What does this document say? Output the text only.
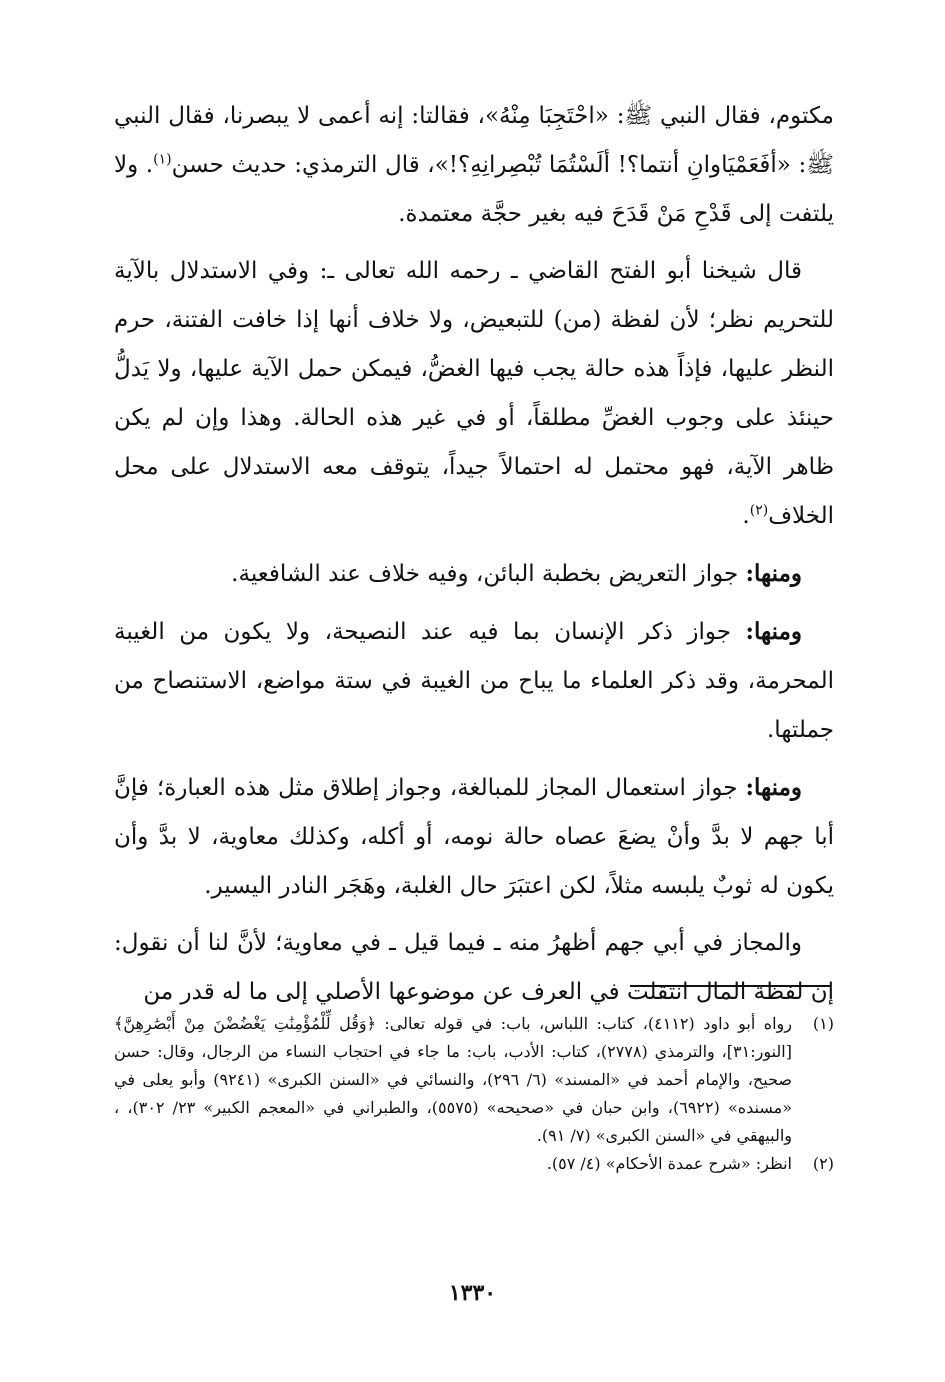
مكتوم، فقال النبي ﷺ: «احْتَجِبَا مِنْهُ»، فقالتا: إنه أعمى لا يبصرنا، فقال النبي ﷺ: «أفَعَمْيَاوانِ أنتما؟! ألَسْتُمَا تُبْصِرانِهِ؟!»، قال الترمذي: حديث حسن$^{(١)}$. ولا يلتفت إلى قَدْحِ مَنْ قَدَحَ فيه بغير حجَّة معتمدة.

قال شيخنا أبو الفتح القاضي ـ رحمه الله تعالى ـ: وفي الاستدلال بالآية للتحريم نظر؛ لأن لفظة (من) للتبعيض، ولا خلاف أنها إذا خافت الفتنة، حرم النظر عليها، فإذاً هذه حالة يجب فيها الغضُّ، فيمكن حمل الآية عليها، ولا يَدلُّ حينئذ على وجوب الغضِّ مطلقاً، أو في غير هذه الحالة. وهذا وإن لم يكن ظاهر الآية، فهو محتمل له احتمالاً جيداً، يتوقف معه الاستدلال على محل الخلاف$^{(٢)}$.

ومنها: جواز التعريض بخطبة البائن، وفيه خلاف عند الشافعية.

ومنها: جواز ذكر الإنسان بما فيه عند النصيحة، ولا يكون من الغيبة المحرمة، وقد ذكر العلماء ما يباح من الغيبة في ستة مواضع، الاستنصاح من جملتها.

ومنها: جواز استعمال المجاز للمبالغة، وجواز إطلاق مثل هذه العبارة؛ فإنَّ أبا جهم لا بدَّ وأنْ يضعَ عصاه حالة نومه، أو أكله، وكذلك معاوية، لا بدَّ وأن يكون له ثوبٌ يلبسه مثلاً، لكن اعتبَرَ حال الغلبة، وهَجَر النادر اليسير.

والمجاز في أبي جهم أظهرُ منه ـ فيما قيل ـ في معاوية؛ لأنَّ لنا أن نقول: إن لفظة المال انتقلت في العرف عن موضوعها الأصلي إلى ما له قدر من

(١)
رواه أبو داود (٤١١٢)، كتاب: اللباس، باب: في قوله تعالى: ﴿وَقُل لِّلْمُؤْمِنَٰتِ يَغْضُضْنَ مِنْ أَبْصَٰرِهِنَّ﴾[النور:٣١]، والترمذي (٢٧٧٨)، كتاب: الأدب، باب: ما جاء في احتجاب النساء من الرجال، وقال: حسن صحيح، والإمام أحمد في «المسند» (٦/ ٢٩٦)، والنسائي في «السنن الكبرى» (٩٢٤١) وأبو يعلى في «مسنده» (٦٩٢٢)، وابن حبان في «صحيحه» (٥٥٧٥)، والطبراني في «المعجم الكبير» ٢٣/ ٣٠٢)، ، والبيهقي في «السنن الكبرى» (٧/ ٩١).
(٢)
انظر: «شرح عمدة الأحكام» (٤/ ٥٧).
١٣٣٠
